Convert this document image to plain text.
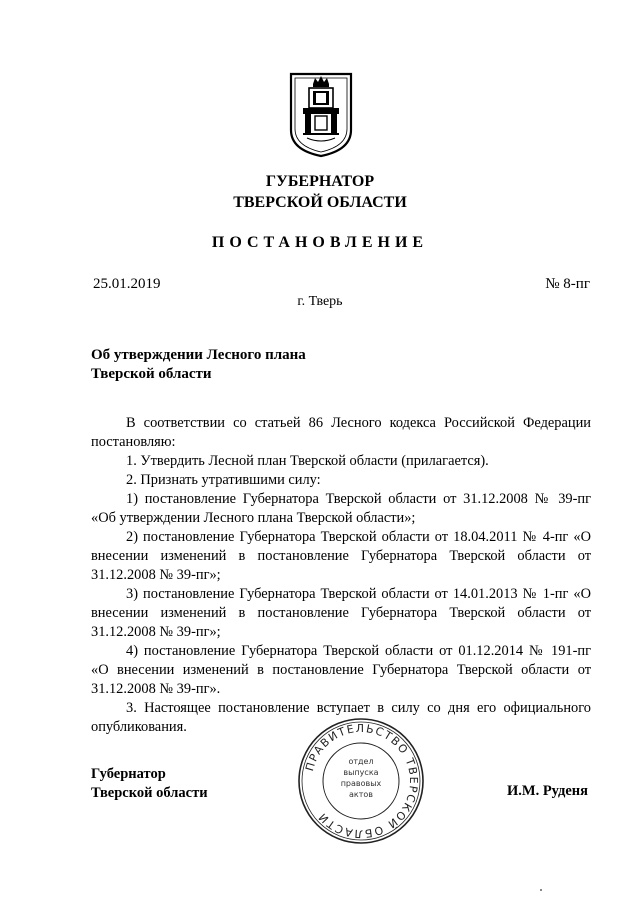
ГУБЕРНАТОР
ТВЕРСКОЙ ОБЛАСТИ
ПОСТАНОВЛЕНИЕ
25.01.2019	№ 8-пг
г. Тверь
Об утверждении Лесного плана
Тверской области

В соответствии со статьей 86 Лесного кодекса Российской Федерации постановляю:

1. Утвердить Лесной план Тверской области (прилагается).

2. Признать утратившими силу:

1) постановление Губернатора Тверской области от 31.12.2008 № 39-пг «Об утверждении Лесного плана Тверской области»;

2) постановление Губернатора Тверской области от 18.04.2011 № 4-пг «О внесении изменений в постановление Губернатора Тверской области от 31.12.2008 № 39-пг»;

3) постановление Губернатора Тверской области от 14.01.2013 № 1-пг «О внесении изменений в постановление Губернатора Тверской области от 31.12.2008 № 39-пг»;

4) постановление Губернатора Тверской области от 01.12.2014 № 191-пг «О внесении изменений в постановление Губернатора Тверской области от 31.12.2008 № 39-пг».

3. Настоящее постановление вступает в силу со дня его официального опубликования.

Губернатор
Тверской области	И.М. Руденя
ПРАВИТЕЛЬСТВО ТВЕРСКОЙ ОБЛАСТИ
отдел
выпуска
правовых
актов
